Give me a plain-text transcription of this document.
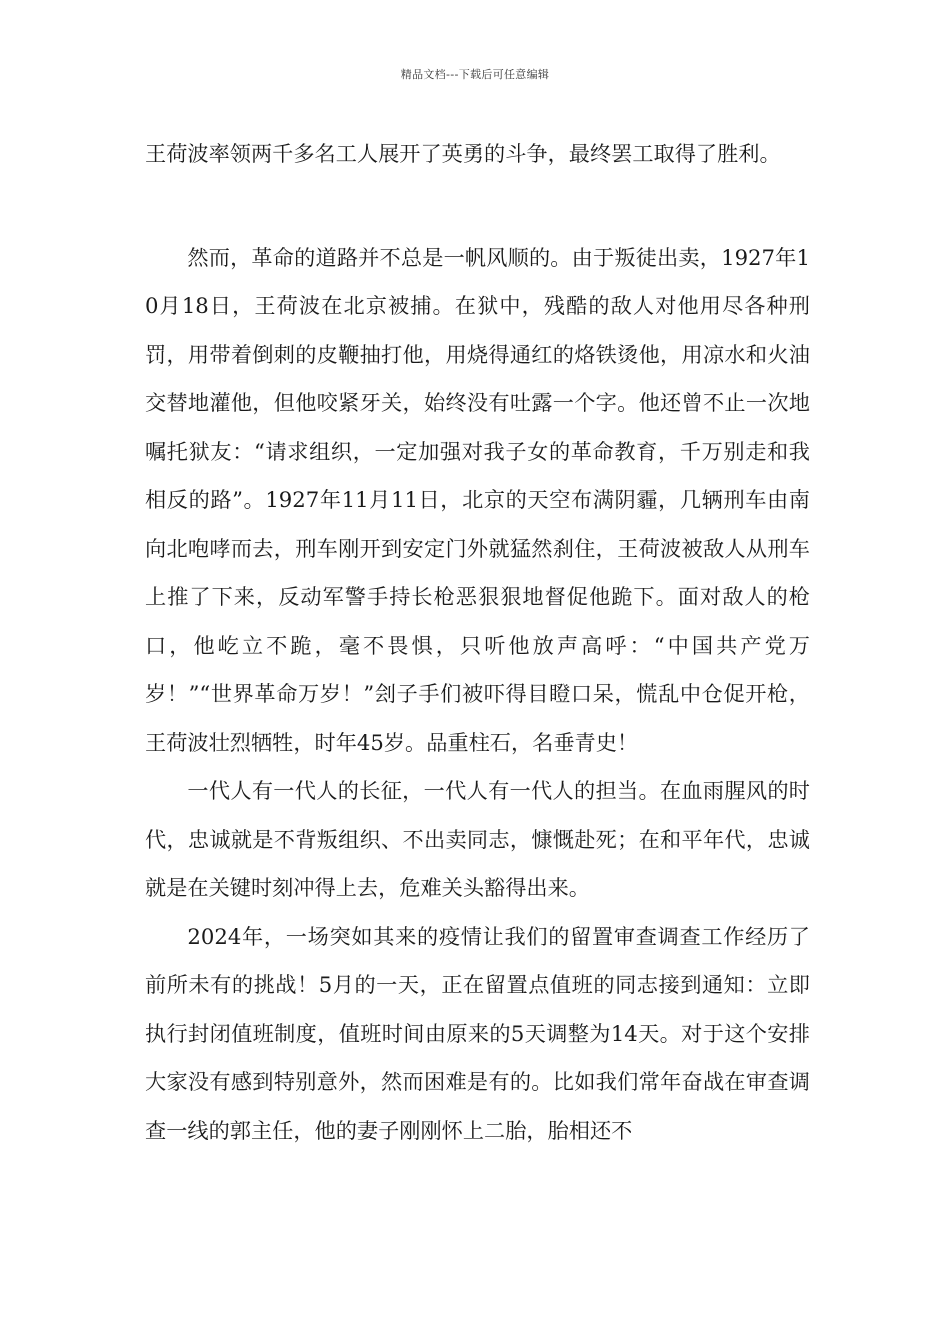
精品文档---下载后可任意编辑

王荷波率领两千多名工人展开了英勇的斗争，最终罢工取得了胜利。

然而，革命的道路并不总是一帆风顺的。由于叛徒出卖，1927年10月18日，王荷波在北京被捕。在狱中，残酷的敌人对他用尽各种刑罚，用带着倒刺的皮鞭抽打他，用烧得通红的烙铁烫他，用凉水和火油交替地灌他，但他咬紧牙关，始终没有吐露一个字。他还曾不止一次地嘱托狱友：“请求组织，一定加强对我子女的革命教育，千万别走和我相反的路”。1927年11月11日，北京的天空布满阴霾，几辆刑车由南向北咆哮而去，刑车刚开到安定门外就猛然刹住，王荷波被敌人从刑车上推了下来，反动军警手持长枪恶狠狠地督促他跪下。面对敌人的枪口，他屹立不跪，毫不畏惧，只听他放声高呼：“中国共产党万岁！”“世界革命万岁！”刽子手们被吓得目瞪口呆，慌乱中仓促开枪，王荷波壮烈牺牲，时年45岁。品重柱石，名垂青史！

一代人有一代人的长征，一代人有一代人的担当。在血雨腥风的时代，忠诚就是不背叛组织、不出卖同志，慷慨赴死；在和平年代，忠诚就是在关键时刻冲得上去，危难关头豁得出来。

2024年，一场突如其来的疫情让我们的留置审查调查工作经历了前所未有的挑战！5月的一天，正在留置点值班的同志接到通知：立即执行封闭值班制度，值班时间由原来的5天调整为14天。对于这个安排大家没有感到特别意外，然而困难是有的。比如我们常年奋战在审查调查一线的郭主任，他的妻子刚刚怀上二胎，胎相还不
